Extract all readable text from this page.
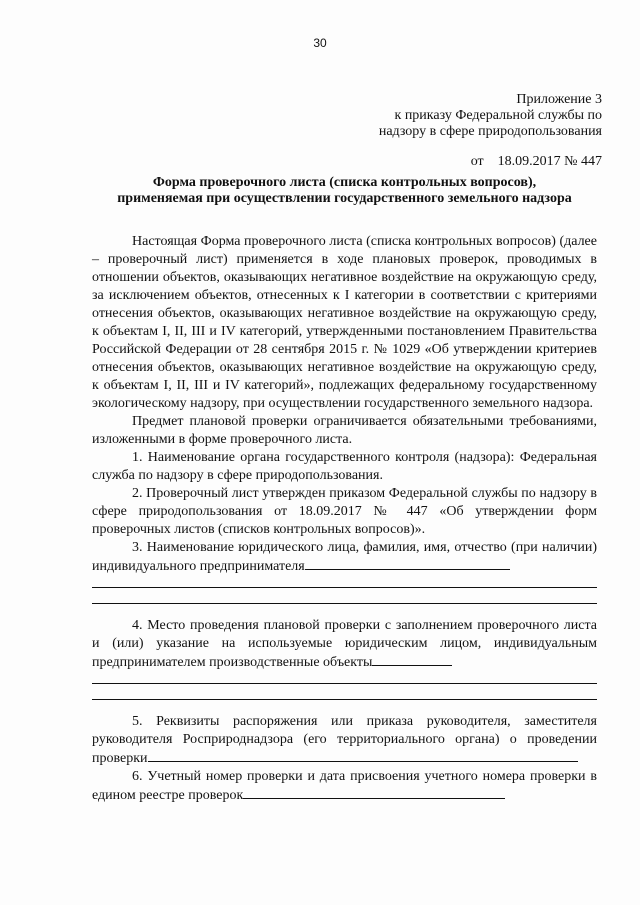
30
Приложение 3
к приказу Федеральной службы по
надзору в сфере природопользования
от    18.09.2017 № 447
Форма проверочного листа (списка контрольных вопросов),
применяемая при осуществлении государственного земельного надзора

Настоящая Форма проверочного листа (списка контрольных вопросов) (далее – проверочный лист) применяется в ходе плановых проверок, проводимых в отношении объектов, оказывающих негативное воздействие на окружающую среду, за исключением объектов, отнесенных к I категории в соответствии с критериями отнесения объектов, оказывающих негативное воздействие на окружающую среду, к объектам I, II, III и IV категорий, утвержденными постановлением Правительства Российской Федерации от 28 сентября 2015 г. № 1029 «Об утверждении критериев отнесения объектов, оказывающих негативное воздействие на окружающую среду, к объектам I, II, III и IV категорий», подлежащих федеральному государственному экологическому надзору, при осуществлении государственного земельного надзора.

Предмет плановой проверки ограничивается обязательными требованиями, изложенными в форме проверочного листа.

1. Наименование органа государственного контроля (надзора): Федеральная служба по надзору в сфере природопользования.

2. Проверочный лист утвержден приказом Федеральной службы по надзору в сфере природопользования от 18.09.2017 № 447 «Об утверждении форм проверочных листов (списков контрольных вопросов)».

3. Наименование юридического лица, фамилия, имя, отчество (при наличии) индивидуального предпринимателя

4. Место проведения плановой проверки с заполнением проверочного листа и (или) указание на используемые юридическим лицом, индивидуальным предпринимателем производственные объекты

5. Реквизиты распоряжения или приказа руководителя, заместителя руководителя Росприроднадзора (его территориального органа) о проведении проверки

6. Учетный номер проверки и дата присвоения учетного номера проверки в едином реестре проверок
